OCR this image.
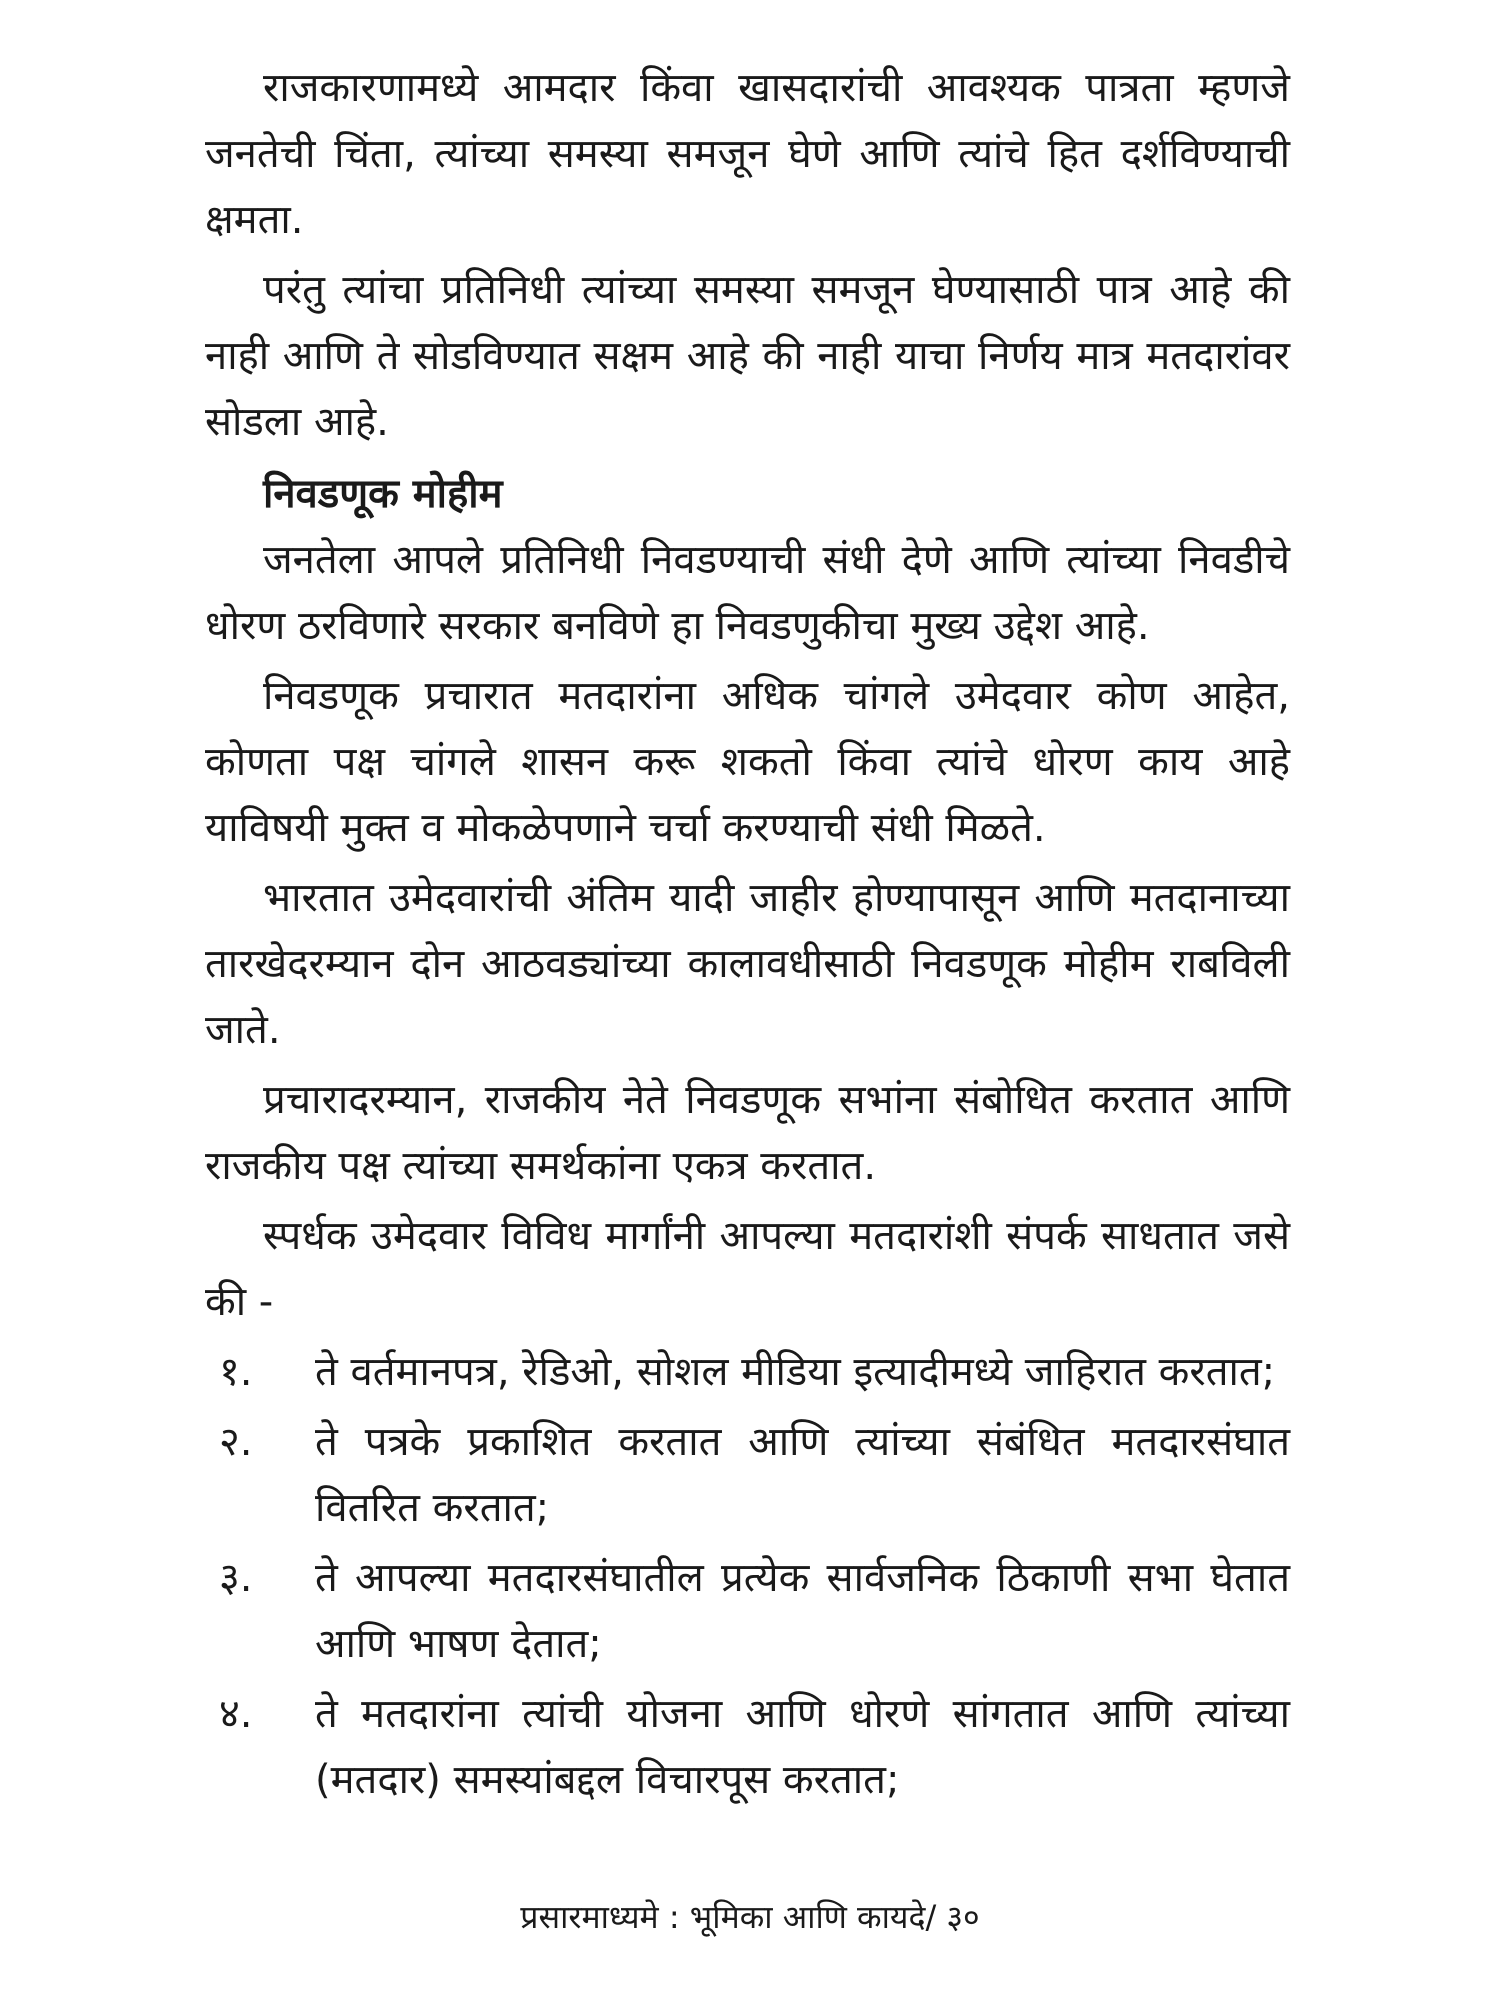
राजकारणामध्ये आमदार किंवा खासदारांची आवश्यक पात्रता म्हणजे जनतेची चिंता, त्यांच्या समस्या समजून घेणे आणि त्यांचे हित दर्शविण्याची क्षमता.

परंतु त्यांचा प्रतिनिधी त्यांच्या समस्या समजून घेण्यासाठी पात्र आहे की नाही आणि ते सोडविण्यात सक्षम आहे की नाही याचा निर्णय मात्र मतदारांवर सोडला आहे.

निवडणूक मोहीम

जनतेला आपले प्रतिनिधी निवडण्याची संधी देणे आणि त्यांच्या निवडीचे धोरण ठरविणारे सरकार बनविणे हा निवडणुकीचा मुख्य उद्देश आहे.

निवडणूक प्रचारात मतदारांना अधिक चांगले उमेदवार कोण आहेत, कोणता पक्ष चांगले शासन करू शकतो किंवा त्यांचे धोरण काय आहे याविषयी मुक्त व मोकळेपणाने चर्चा करण्याची संधी मिळते.

भारतात उमेदवारांची अंतिम यादी जाहीर होण्यापासून आणि मतदानाच्या तारखेदरम्यान दोन आठवड्यांच्या कालावधीसाठी निवडणूक मोहीम राबविली जाते.

प्रचारादरम्यान, राजकीय नेते निवडणूक सभांना संबोधित करतात आणि राजकीय पक्ष त्यांच्या समर्थकांना एकत्र करतात.

स्पर्धक उमेदवार विविध मार्गांनी आपल्या मतदारांशी संपर्क साधतात जसे की -

१.	ते वर्तमानपत्र, रेडिओ, सोशल मीडिया इत्यादीमध्ये जाहिरात करतात;
२.	ते पत्रके प्रकाशित करतात आणि त्यांच्या संबंधित मतदारसंघात वितरित करतात;
३.	ते आपल्या मतदारसंघातील प्रत्येक सार्वजनिक ठिकाणी सभा घेतात आणि भाषण देतात;
४.	ते मतदारांना त्यांची योजना आणि धोरणे सांगतात आणि त्यांच्या (मतदार) समस्यांबद्दल विचारपूस करतात;
प्रसारमाध्यमे : भूमिका आणि कायदे/ ३०
